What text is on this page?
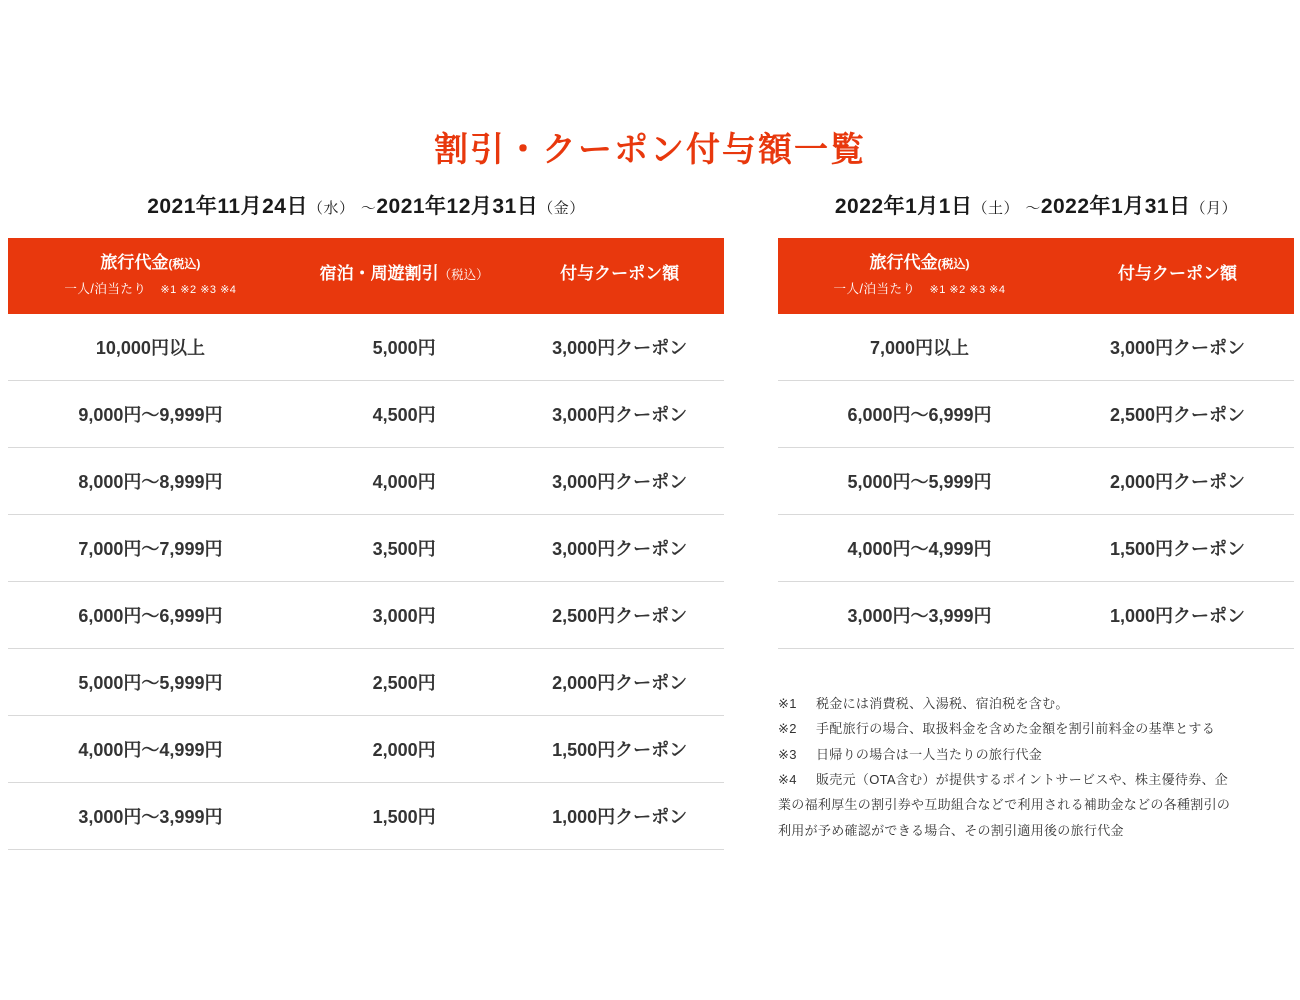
割引・クーポン付与額一覧
2021年11月24日（水） 〜2021年12月31日（金）
旅行代金(税込)
一人/泊当たり ※1 ※2 ※3 ※4	宿泊・周遊割引（税込）	付与クーポン額

10,000円以上	5,000円	3,000円クーポン
9,000円〜9,999円	4,500円	3,000円クーポン
8,000円〜8,999円	4,000円	3,000円クーポン
7,000円〜7,999円	3,500円	3,000円クーポン
6,000円〜6,999円	3,000円	2,500円クーポン
5,000円〜5,999円	2,500円	2,000円クーポン
4,000円〜4,999円	2,000円	1,500円クーポン
3,000円〜3,999円	1,500円	1,000円クーポン
2022年1月1日（土） 〜2022年1月31日（月）
旅行代金(税込)
一人/泊当たり ※1 ※2 ※3 ※4	付与クーポン額

7,000円以上	3,000円クーポン
6,000円〜6,999円	2,500円クーポン
5,000円〜5,999円	2,000円クーポン
4,000円〜4,999円	1,500円クーポン
3,000円〜3,999円	1,000円クーポン
※1 税金には消費税、入湯税、宿泊税を含む。
※2 手配旅行の場合、取扱料金を含めた金額を割引前料金の基準とする
※3 日帰りの場合は一人当たりの旅行代金
※4 販売元（OTA含む）が提供するポイントサービスや、株主優待券、企
業の福利厚生の割引券や互助組合などで利用される補助金などの各種割引の
利用が予め確認ができる場合、その割引適用後の旅行代金
